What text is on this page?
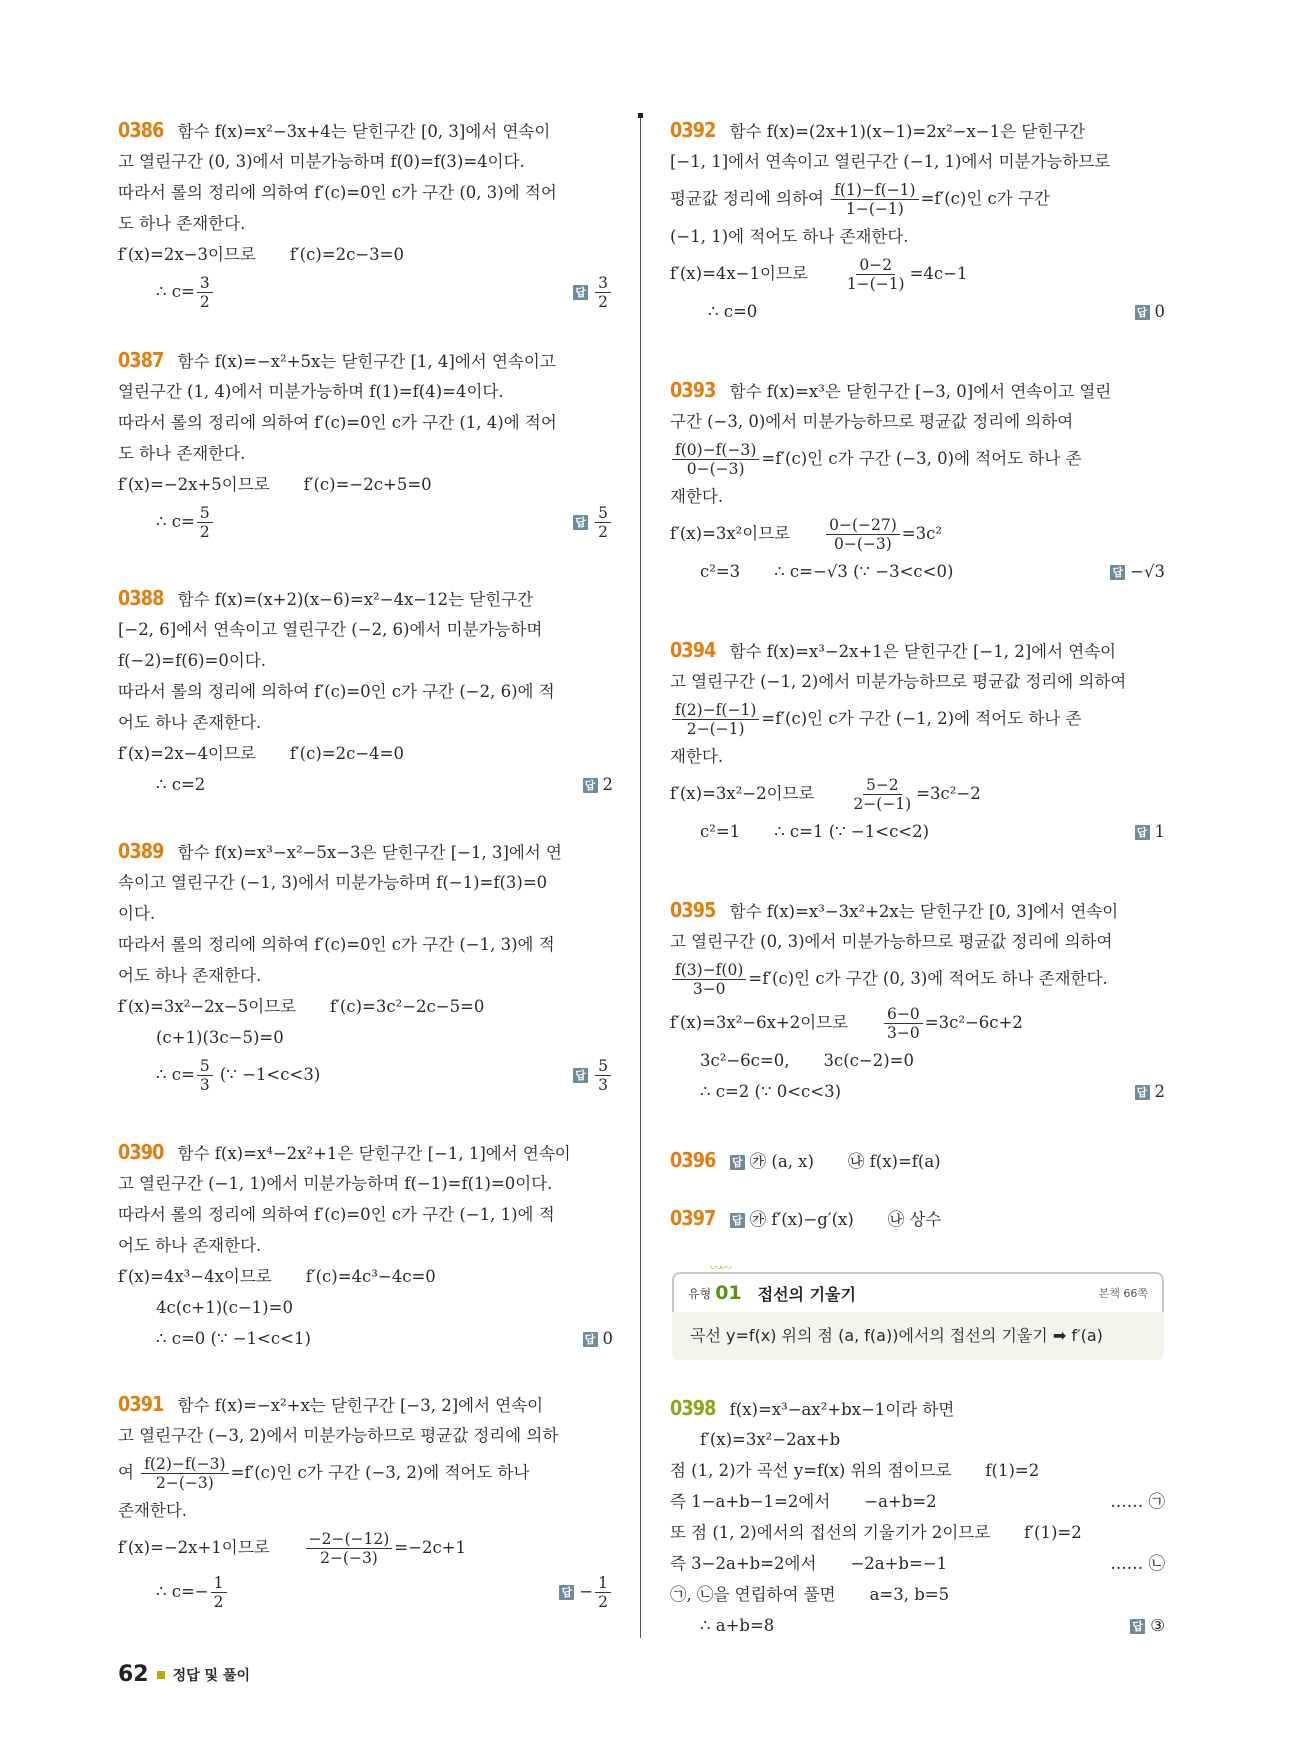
0386 함수 f(x)=x²−3x+4는 닫힌구간 [0, 3]에서 연속이
고 열린구간 (0, 3)에서 미분가능하며 f(0)=f(3)=4이다.
따라서 롤의 정리에 의하여 f′(c)=0인 c가 구간 (0, 3)에 적어
도 하나 존재한다.
f′(x)=2x−3이므로 f′(c)=2c−3=0
∴ $c= \frac{3}{2}$	답 $\frac{3}{2}$
0387 함수 f(x)=−x²+5x는 닫힌구간 [1, 4]에서 연속이고
열린구간 (1, 4)에서 미분가능하며 f(1)=f(4)=4이다.
따라서 롤의 정리에 의하여 f′(c)=0인 c가 구간 (1, 4)에 적어
도 하나 존재한다.
f′(x)=−2x+5이므로 f′(c)=−2c+5=0
∴ $c= \frac{5}{2}$	답 $\frac{5}{2}$
0388 함수 f(x)=(x+2)(x−6)=x²−4x−12는 닫힌구간
[−2, 6]에서 연속이고 열린구간 (−2, 6)에서 미분가능하며
f(−2)=f(6)=0이다.
따라서 롤의 정리에 의하여 f′(c)=0인 c가 구간 (−2, 6)에 적
어도 하나 존재한다.
f′(x)=2x−4이므로 f′(c)=2c−4=0
∴ c=2	답 2
0389 함수 f(x)=x³−x²−5x−3은 닫힌구간 [−1, 3]에서 연
속이고 열린구간 (−1, 3)에서 미분가능하며 f(−1)=f(3)=0
이다.
따라서 롤의 정리에 의하여 f′(c)=0인 c가 구간 (−1, 3)에 적
어도 하나 존재한다.
f′(x)=3x²−2x−5이므로 f′(c)=3c²−2c−5=0
(c+1)(3c−5)=0
∴ $c= \frac{5}{3}$ (∵ −1<c<3)	답 $\frac{5}{3}$
0390 함수 f(x)=x⁴−2x²+1은 닫힌구간 [−1, 1]에서 연속이
고 열린구간 (−1, 1)에서 미분가능하며 f(−1)=f(1)=0이다.
따라서 롤의 정리에 의하여 f′(c)=0인 c가 구간 (−1, 1)에 적
어도 하나 존재한다.
f′(x)=4x³−4x이므로 f′(c)=4c³−4c=0
4c(c+1)(c−1)=0
∴ c=0 (∵ −1<c<1)	답 0
0391 함수 f(x)=−x²+x는 닫힌구간 [−3, 2]에서 연속이
고 열린구간 (−3, 2)에서 미분가능하므로 평균값 정리에 의하
여 $\frac{f(2)-f(-3)}{2-(-3)} =f'(c)$인 c가 구간 (−3, 2)에 적어도 하나
존재한다.
f′(x)=−2x+1이므로 $\frac{-2-(-12)}{2-(-3)} =-2c+1$
∴ $c=- \frac{1}{2}$	답 − $\frac{1}{2}$
0392 함수 f(x)=(2x+1)(x−1)=2x²−x−1은 닫힌구간
[−1, 1]에서 연속이고 열린구간 (−1, 1)에서 미분가능하므로
평균값 정리에 의하여 $\frac{f(1)-f(-1)}{1-(-1)} =f'(c)$인 c가 구간
(−1, 1)에 적어도 하나 존재한다.
f′(x)=4x−1이므로 $\frac{0-2}{1-(-1)} =4c-1$
∴ c=0	답 0
0393 함수 f(x)=x³은 닫힌구간 [−3, 0]에서 연속이고 열린
구간 (−3, 0)에서 미분가능하므로 평균값 정리에 의하여
$\frac{f(0)-f(-3)}{0-(-3)} =f'(c)$인 c가 구간 (−3, 0)에 적어도 하나 존
재한다.
f′(x)=3x²이므로 $\frac{0-(-27)}{0-(-3)} =3c^2$
c²=3 ∴ c=−√3 (∵ −3<c<0)	답 −√3
0394 함수 f(x)=x³−2x+1은 닫힌구간 [−1, 2]에서 연속이
고 열린구간 (−1, 2)에서 미분가능하므로 평균값 정리에 의하여
$\frac{f(2)-f(-1)}{2-(-1)} =f'(c)$인 c가 구간 (−1, 2)에 적어도 하나 존
재한다.
f′(x)=3x²−2이므로 $\frac{5-2}{2-(-1)} =3c^2-2$
c²=1 ∴ c=1 (∵ −1<c<2)	답 1
0395 함수 f(x)=x³−3x²+2x는 닫힌구간 [0, 3]에서 연속이
고 열린구간 (0, 3)에서 미분가능하므로 평균값 정리에 의하여
$\frac{f(3)-f(0)}{3-0} =f'(c)$인 c가 구간 (0, 3)에 적어도 하나 존재한다.
f′(x)=3x²−6x+2이므로 $\frac{6-0}{3-0} =3c^2-6c+2$
3c²−6c=0, 3c(c−2)=0
∴ c=2 (∵ 0<c<3)	답 2
0396 답 ㉮ (a, x) ㉯ f(x)=f(a)
0397 답 ㉮ f′(x)−g′(x) ㉯ 상수
0398 f(x)=x³−ax²+bx−1이라 하면
f′(x)=3x²−2ax+b
점 (1, 2)가 곡선 y=f(x) 위의 점이므로 f(1)=2
즉 1−a+b−1=2에서 −a+b=2	…… ㉠
또 점 (1, 2)에서의 접선의 기울기가 2이므로 f′(1)=2
즉 3−2a+b=2에서 −2a+b=−1	…… ㉡
㉠, ㉡을 연립하여 풀면 a=3, b=5
∴ a+b=8	답 ③
〰〰
유형 01 접선의 기울기	본책 66쪽
곡선 y=f(x) 위의 점 (a, f(a))에서의 접선의 기울기 ➡ f′(a)
62 정답 및 풀이
